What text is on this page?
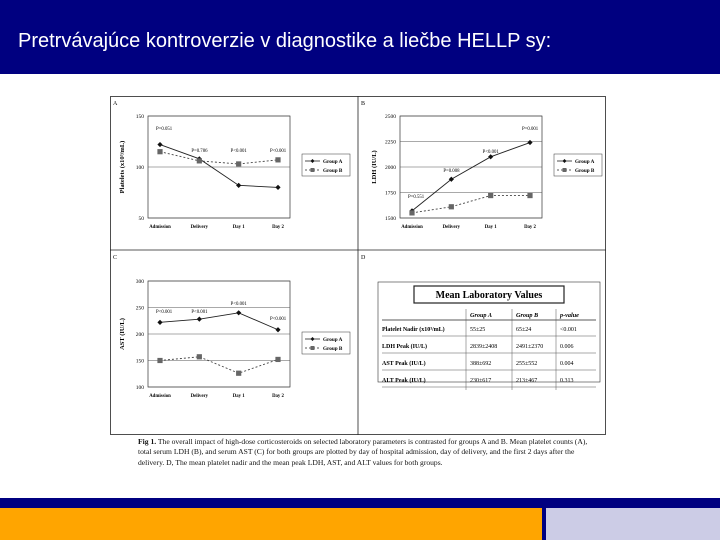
Pretrvávajúce kontroverzie v diagnostike a liečbe HELLP sy:
A	B
C	D
150
100
50
Platelets (x10³/mL)
Admission	Delivery	Day 1	Day 2
P=0.051
P=0.786	P<0.001	P<0.001
Group A
Group B
2500
2250
2000
1750
1500
LDH (IU/L)
Admission	Delivery	Day 1	Day 2
P=0.551
P=0.008
P<0.001
P=0.001
Group A
Group B
300
250
200
150
100
AST (IU/L)
Admission	Delivery	Day 1	Day 2
P<0.001	P<0.001
P<0.001
P<0.001
Group A
Group B
Mean Laboratory Values
Group A	Group B	p-value
Platelet Nadir (x10³/mL)	55±25	65±24	<0.001
LDH Peak (IU/L)	2839±2408	2491±2370	0.006
AST Peak (IU/L)	388±692	255±552	0.004
ALT Peak (IU/L)	230±617	213±467	0.313
Fig 1. The overall impact of high-dose corticosteroids on selected laboratory parameters is contrasted for groups A and B. Mean platelet counts (A), total serum LDH (B), and serum AST (C) for both groups are plotted by day of hospital admission, day of delivery, and the first 2 days after the delivery. D, The mean platelet nadir and the mean peak LDH, AST, and ALT values for both groups.
